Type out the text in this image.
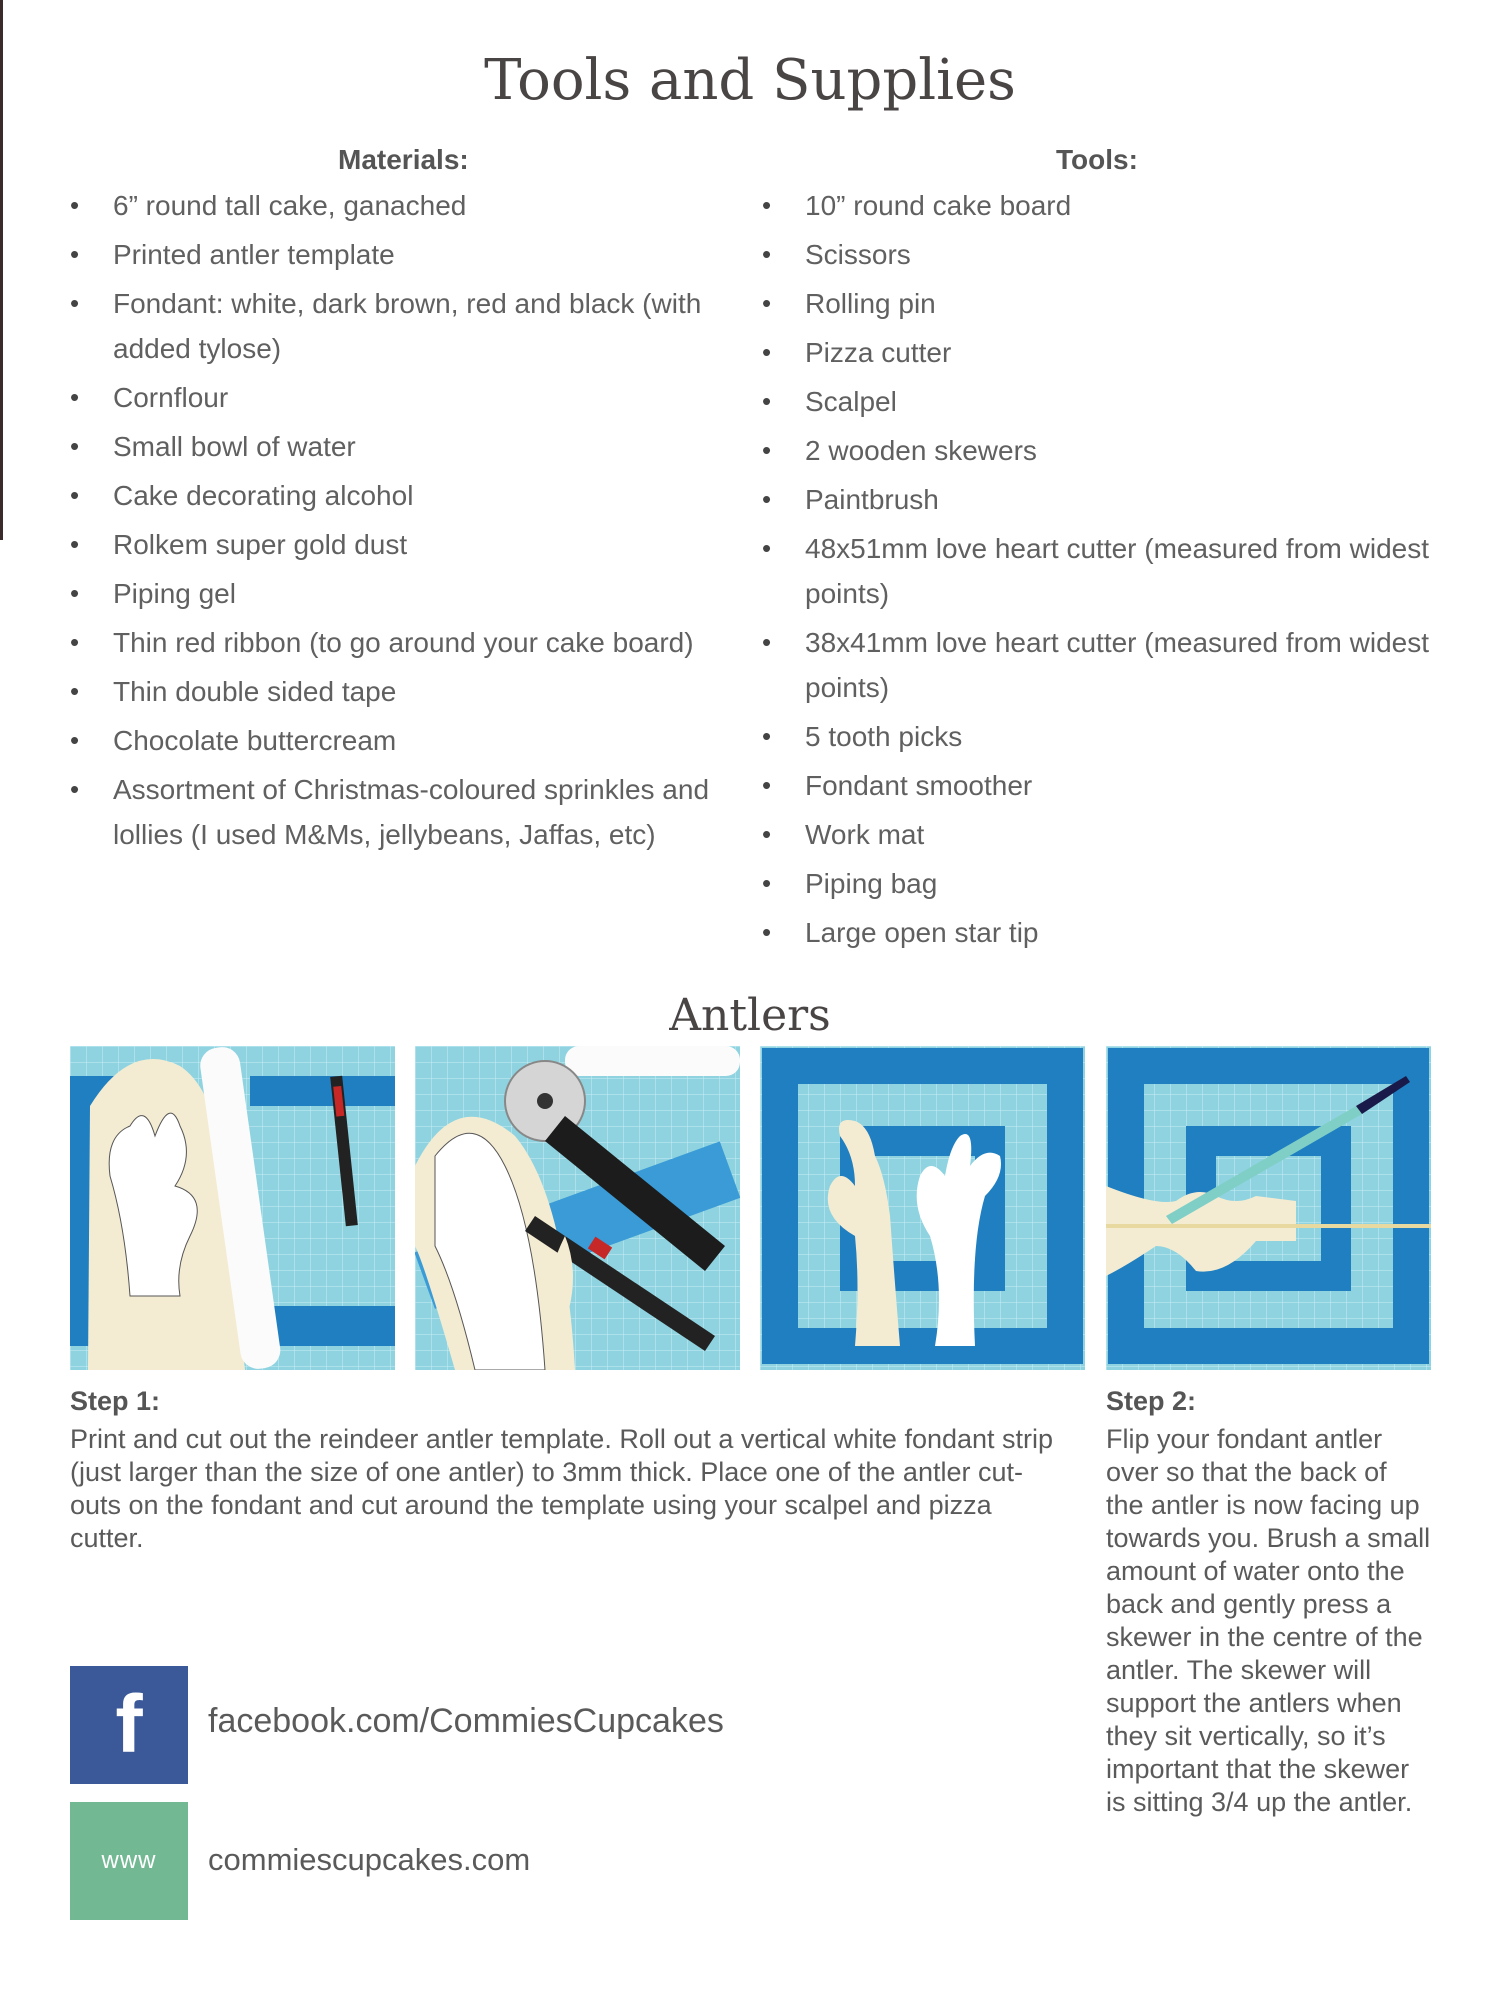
Tools and Supplies
Materials:	Tools:
• 6” round tall cake, ganached
• Printed antler template
• Fondant: white, dark brown, red and black (with added tylose)
• Cornflour
• Small bowl of water
• Cake decorating alcohol
• Rolkem super gold dust
• Piping gel
• Thin red ribbon (to go around your cake board)
• Thin double sided tape
• Chocolate buttercream
• Assortment of Christmas-coloured sprinkles and lollies (I used M&Ms, jellybeans, Jaffas, etc)
• 10” round cake board
• Scissors
• Rolling pin
• Pizza cutter
• Scalpel
• 2 wooden skewers
• Paintbrush
• 48x51mm love heart cutter (measured from widest points)
• 38x41mm love heart cutter (measured from widest points)
• 5 tooth picks
• Fondant smoother
• Work mat
• Piping bag
• Large open star tip
Antlers
Step 1:

Print and cut out the reindeer antler template. Roll out a vertical white fondant strip (just larger than the size of one antler) to 3mm thick. Place one of the antler cut-outs on the fondant and cut around the template using your scalpel and pizza cutter.

Step 2:

Flip your fondant antler over so that the back of the antler is now facing up towards you. Brush a small amount of water onto the back and gently press a skewer in the centre of the antler. The skewer will support the antlers when they sit vertically, so it’s important that the skewer is sitting 3/4 up the antler.

f	facebook.com/CommiesCupcakes
www	commiescupcakes.com
